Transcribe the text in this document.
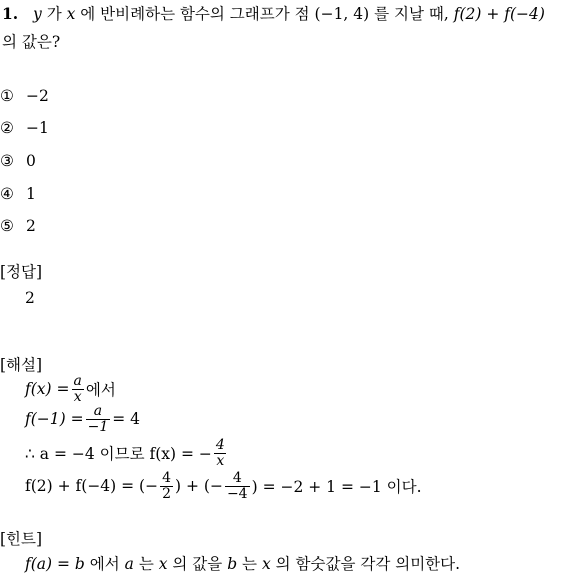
1. y 가 x 에 반비례하는 함수의 그래프가 점 (−1, 4) 를 지날 때, f(2) + f(−4)
의 값은?
① −2
② −1
③ 0
④ 1
⑤ 2
[정답]
2
[해설]
$f(x) = \frac{a}{x}$ 에서
$f(-1) = \frac{a}{-1} = 4$
∴ a = −4 이므로 f(x) = − $\frac{4}{x}$
f(2) + f(−4) = (− $\frac{4}{2}$ ) + (− $\frac{4}{-4}$ ) = −2 + 1 = −1 이다.
[힌트]
f(a) = b 에서 a 는 x 의 값을 b 는 x 의 함숫값을 각각 의미한다.
